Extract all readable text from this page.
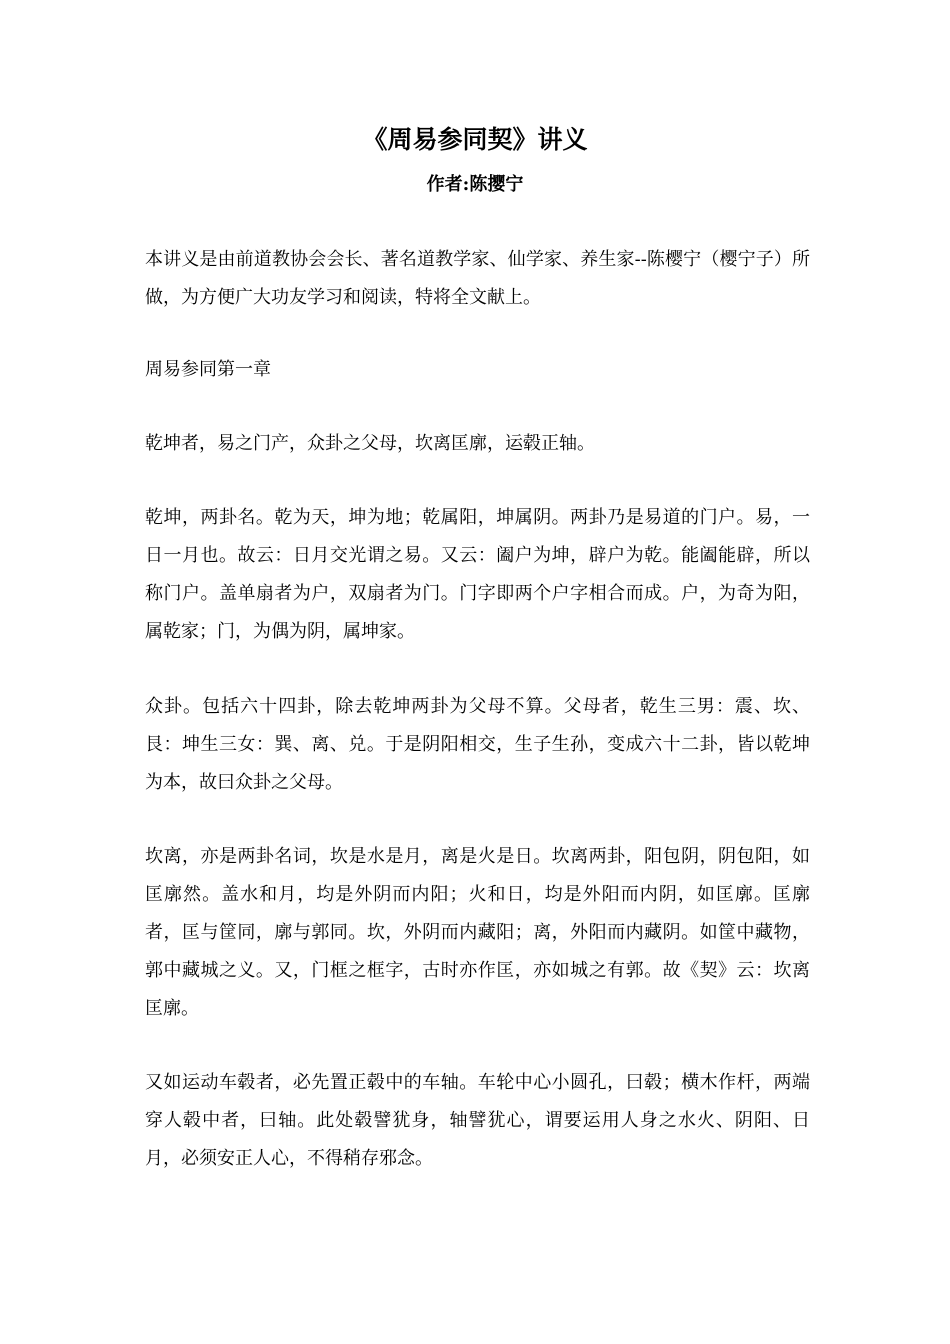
《周易参同契》讲义
作者:陈撄宁

本讲义是由前道教协会会长、著名道教学家、仙学家、养生家--陈樱宁（樱宁子）所做，为方便广大功友学习和阅读，特将全文献上。

周易参同第一章

乾坤者，易之门产，众卦之父母，坎离匡廓，运毂正轴。

乾坤，两卦名。乾为天，坤为地；乾属阳，坤属阴。两卦乃是易道的门户。易，一日一月也。故云：日月交光谓之易。又云：阖户为坤，辟户为乾。能阖能辟，所以称门户。盖单扇者为户，双扇者为门。门字即两个户字相合而成。户，为奇为阳，属乾家；门，为偶为阴，属坤家。

众卦。包括六十四卦，除去乾坤两卦为父母不算。父母者，乾生三男：震、坎、艮：坤生三女：巽、离、兑。于是阴阳相交，生子生孙，变成六十二卦，皆以乾坤为本，故曰众卦之父母。

坎离，亦是两卦名词，坎是水是月，离是火是日。坎离两卦，阳包阴，阴包阳，如匡廓然。盖水和月，均是外阴而内阳；火和日，均是外阳而内阴，如匡廓。匡廓者，匡与筐同，廓与郭同。坎，外阴而内藏阳；离，外阳而内藏阴。如筐中藏物，郭中藏城之义。又，门框之框字，古时亦作匡，亦如城之有郭。故《契》云：坎离匡廓。

又如运动车毂者，必先置正毂中的车轴。车轮中心小圆孔，曰毂；横木作杆，两端穿人毂中者，曰轴。此处毂譬犹身，轴譬犹心，谓要运用人身之水火、阴阳、日月，必须安正人心，不得稍存邪念。
